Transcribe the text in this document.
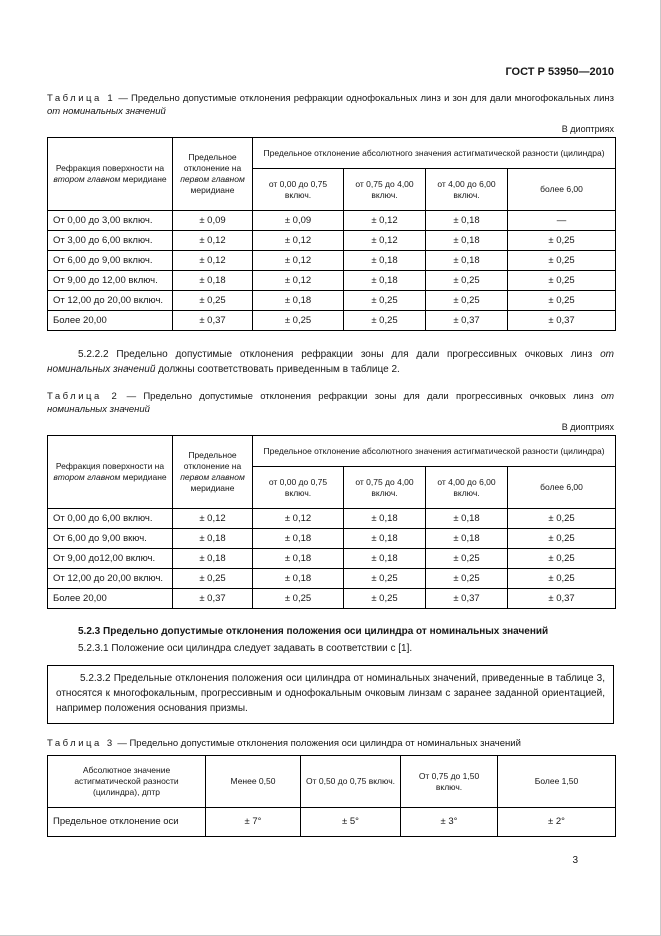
ГОСТ Р 53950—2010

Таблица 1 — Предельно допустимые отклонения рефракции однофокальных линз и зон для дали многофокальных линз от номинальных значений

В диоптриях
Рефракция поверхности на втором главном меридиане	Предельное отклонение на первом главном меридиане	Предельное отклонение абсолютного значения астигматической разности (цилиндра)			
		от 0,00 до 0,75 включ.	от 0,75 до 4,00 включ.	от 4,00 до 6,00 включ.	более 6,00
От 0,00 до 3,00 включ.	± 0,09	± 0,09	± 0,12	± 0,18	—
От 3,00 до 6,00 включ.	± 0,12	± 0,12	± 0,12	± 0,18	± 0,25
От 6,00 до 9,00 включ.	± 0,12	± 0,12	± 0,18	± 0,18	± 0,25
От 9,00 до 12,00 включ.	± 0,18	± 0,12	± 0,18	± 0,25	± 0,25
От 12,00 до 20,00 включ.	± 0,25	± 0,18	± 0,25	± 0,25	± 0,25
Более 20,00	± 0,37	± 0,25	± 0,25	± 0,37	± 0,37

5.2.2.2 Предельно допустимые отклонения рефракции зоны для дали прогрессивных очковых линз от номинальных значений должны соответствовать приведенным в таблице 2.

Таблица 2 — Предельно допустимые отклонения рефракции зоны для дали прогрессивных очковых линз от номинальных значений

В диоптриях
Рефракция поверхности на втором главном меридиане	Предельное отклонение на первом главном меридиане	Предельное отклонение абсолютного значения астигматической разности (цилиндра)			
		от 0,00 до 0,75 включ.	от 0,75 до 4,00 включ.	от 4,00 до 6,00 включ.	более 6,00
От 0,00 до 6,00 включ.	± 0,12	± 0,12	± 0,18	± 0,18	± 0,25
От 6,00 до 9,00 вкюч.	± 0,18	± 0,18	± 0,18	± 0,18	± 0,25
От 9,00 до12,00 включ.	± 0,18	± 0,18	± 0,18	± 0,25	± 0,25
От 12,00 до 20,00 включ.	± 0,25	± 0,18	± 0,25	± 0,25	± 0,25
Более 20,00	± 0,37	± 0,25	± 0,25	± 0,37	± 0,37

5.2.3 Предельно допустимые отклонения положения оси цилиндра от номинальных значений

5.2.3.1 Положение оси цилиндра следует задавать в соответствии с [1].

5.2.3.2 Предельные отклонения положения оси цилиндра от номинальных значений, приведенные в таблице 3, относятся к многофокальным, прогрессивным и однофокальным очковым линзам с заранее заданной ориентацией, например положения основания призмы.

Таблица 3 — Предельно допустимые отклонения положения оси цилиндра от номинальных значений

Абсолютное значение астигматической разности (цилиндра), дптр	Менее 0,50	От 0,50 до 0,75 включ.	От 0,75 до 1,50 включ.	Более 1,50
Предельное отклонение оси	± 7°	± 5°	± 3°	± 2°
3
